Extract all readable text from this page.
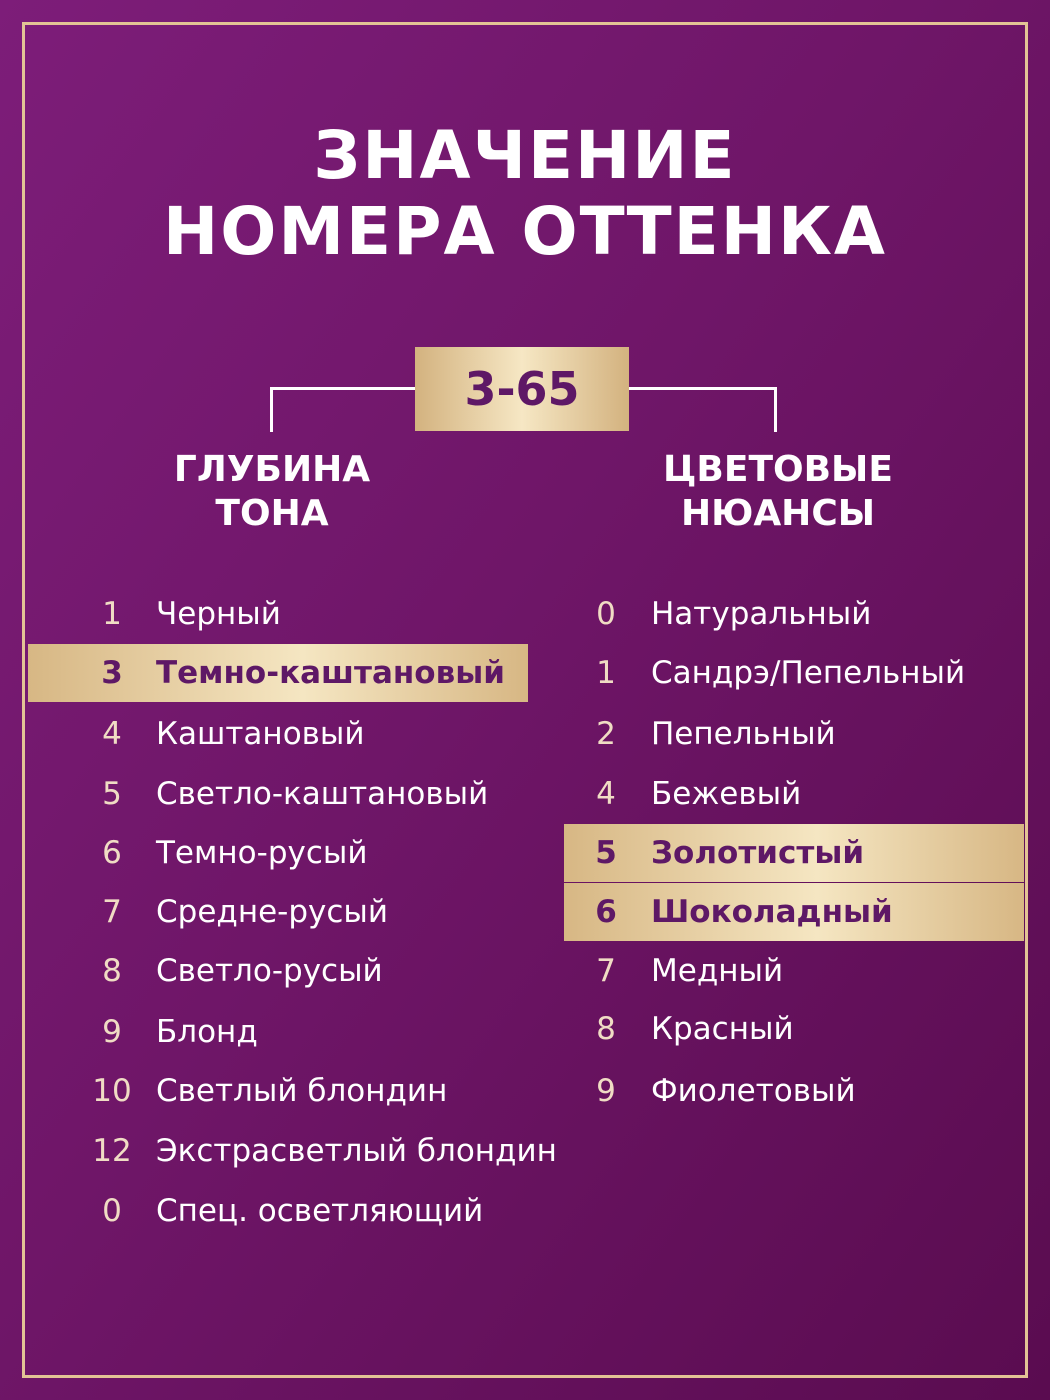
ЗНАЧЕНИЕ
НОМЕРА ОТТЕНКА
3-65
ГЛУБИНА
ТОНА
ЦВЕТОВЫЕ
НЮАНСЫ
1	Черный
3	Темно-каштановый
4	Каштановый
5	Светло-каштановый
6	Темно-русый
7	Средне-русый
8	Светло-русый
9	Блонд
10 Светлый блондин
12 Экстрасветлый блондин
0	Спец. осветляющий
0	Натуральный
1	Сандрэ/Пепельный
2	Пепельный
4	Бежевый
5	Золотистый
6	Шоколадный
7	Медный
8	Красный
9	Фиолетовый
